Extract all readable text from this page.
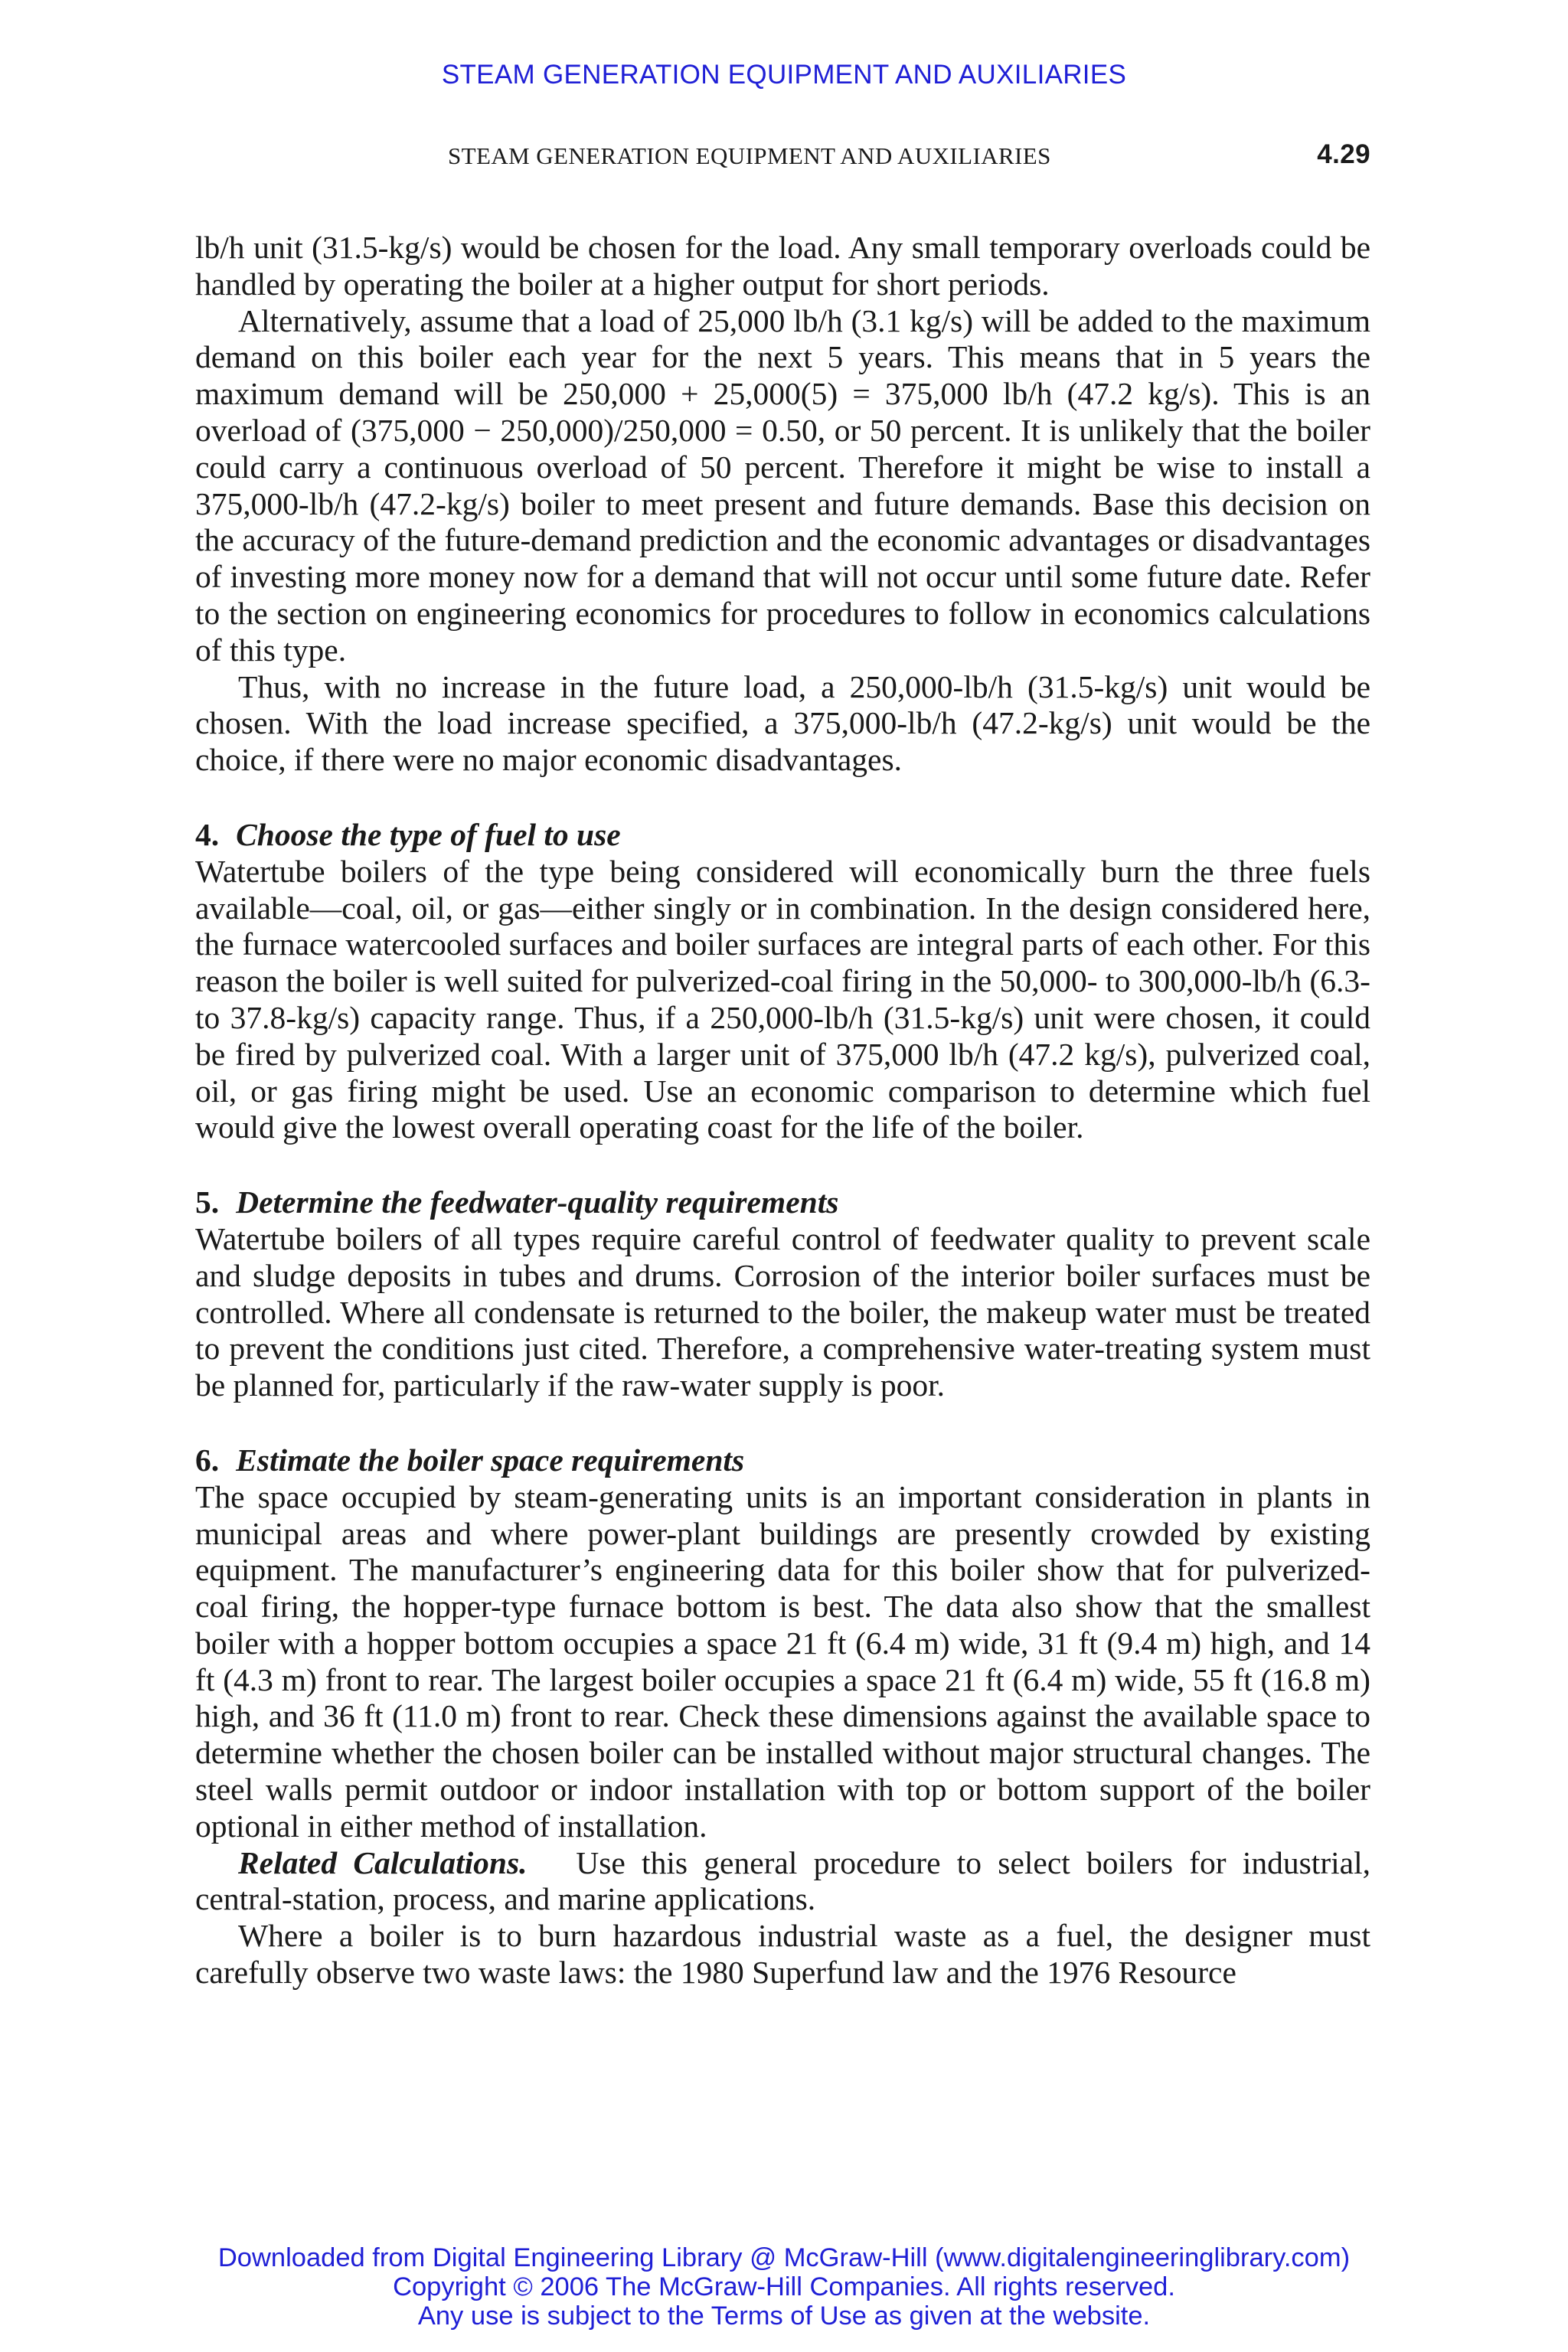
STEAM GENERATION EQUIPMENT AND AUXILIARIES
STEAM GENERATION EQUIPMENT AND AUXILIARIES	4.29

lb/h unit (31.5-kg/s) would be chosen for the load. Any small temporary overloads could be handled by operating the boiler at a higher output for short periods.

Alternatively, assume that a load of 25,000 lb/h (3.1 kg/s) will be added to the maximum demand on this boiler each year for the next 5 years. This means that in 5 years the maximum demand will be 250,000 + 25,000(5) = 375,000 lb/h (47.2 kg/s). This is an overload of (375,000 − 250,000)/250,000 = 0.50, or 50 percent. It is unlikely that the boiler could carry a continuous overload of 50 percent. Therefore it might be wise to install a 375,000-lb/h (47.2-kg/s) boiler to meet present and future demands. Base this decision on the accuracy of the future-demand prediction and the economic advantages or disadvantages of investing more money now for a demand that will not occur until some future date. Refer to the section on engineering economics for procedures to follow in economics calculations of this type.

Thus, with no increase in the future load, a 250,000-lb/h (31.5-kg/s) unit would be chosen. With the load increase specified, a 375,000-lb/h (47.2-kg/s) unit would be the choice, if there were no major economic disadvantages.

4. Choose the type of fuel to use

Watertube boilers of the type being considered will economically burn the three fuels available—coal, oil, or gas—either singly or in combination. In the design considered here, the furnace watercooled surfaces and boiler surfaces are integral parts of each other. For this reason the boiler is well suited for pulverized-coal firing in the 50,000- to 300,000-lb/h (6.3- to 37.8-kg/s) capacity range. Thus, if a 250,000-lb/h (31.5-kg/s) unit were chosen, it could be fired by pulverized coal. With a larger unit of 375,000 lb/h (47.2 kg/s), pulverized coal, oil, or gas firing might be used. Use an economic comparison to determine which fuel would give the lowest overall operating coast for the life of the boiler.

5. Determine the feedwater-quality requirements

Watertube boilers of all types require careful control of feedwater quality to prevent scale and sludge deposits in tubes and drums. Corrosion of the interior boiler surfaces must be controlled. Where all condensate is returned to the boiler, the makeup water must be treated to prevent the conditions just cited. Therefore, a comprehensive water-treating system must be planned for, particularly if the raw-water supply is poor.

6. Estimate the boiler space requirements

The space occupied by steam-generating units is an important consideration in plants in municipal areas and where power-plant buildings are presently crowded by existing equipment. The manufacturer’s engineering data for this boiler show that for pulverized-coal firing, the hopper-type furnace bottom is best. The data also show that the smallest boiler with a hopper bottom occupies a space 21 ft (6.4 m) wide, 31 ft (9.4 m) high, and 14 ft (4.3 m) front to rear. The largest boiler occupies a space 21 ft (6.4 m) wide, 55 ft (16.8 m) high, and 36 ft (11.0 m) front to rear. Check these dimensions against the available space to determine whether the chosen boiler can be installed without major structural changes. The steel walls permit outdoor or indoor installation with top or bottom support of the boiler optional in either method of installation.

Related Calculations. Use this general procedure to select boilers for industrial, central-station, process, and marine applications.

Where a boiler is to burn hazardous industrial waste as a fuel, the designer must carefully observe two waste laws: the 1980 Superfund law and the 1976 Resource

Downloaded from Digital Engineering Library @ McGraw-Hill (www.digitalengineeringlibrary.com)
Copyright © 2006 The McGraw-Hill Companies. All rights reserved.
Any use is subject to the Terms of Use as given at the website.
